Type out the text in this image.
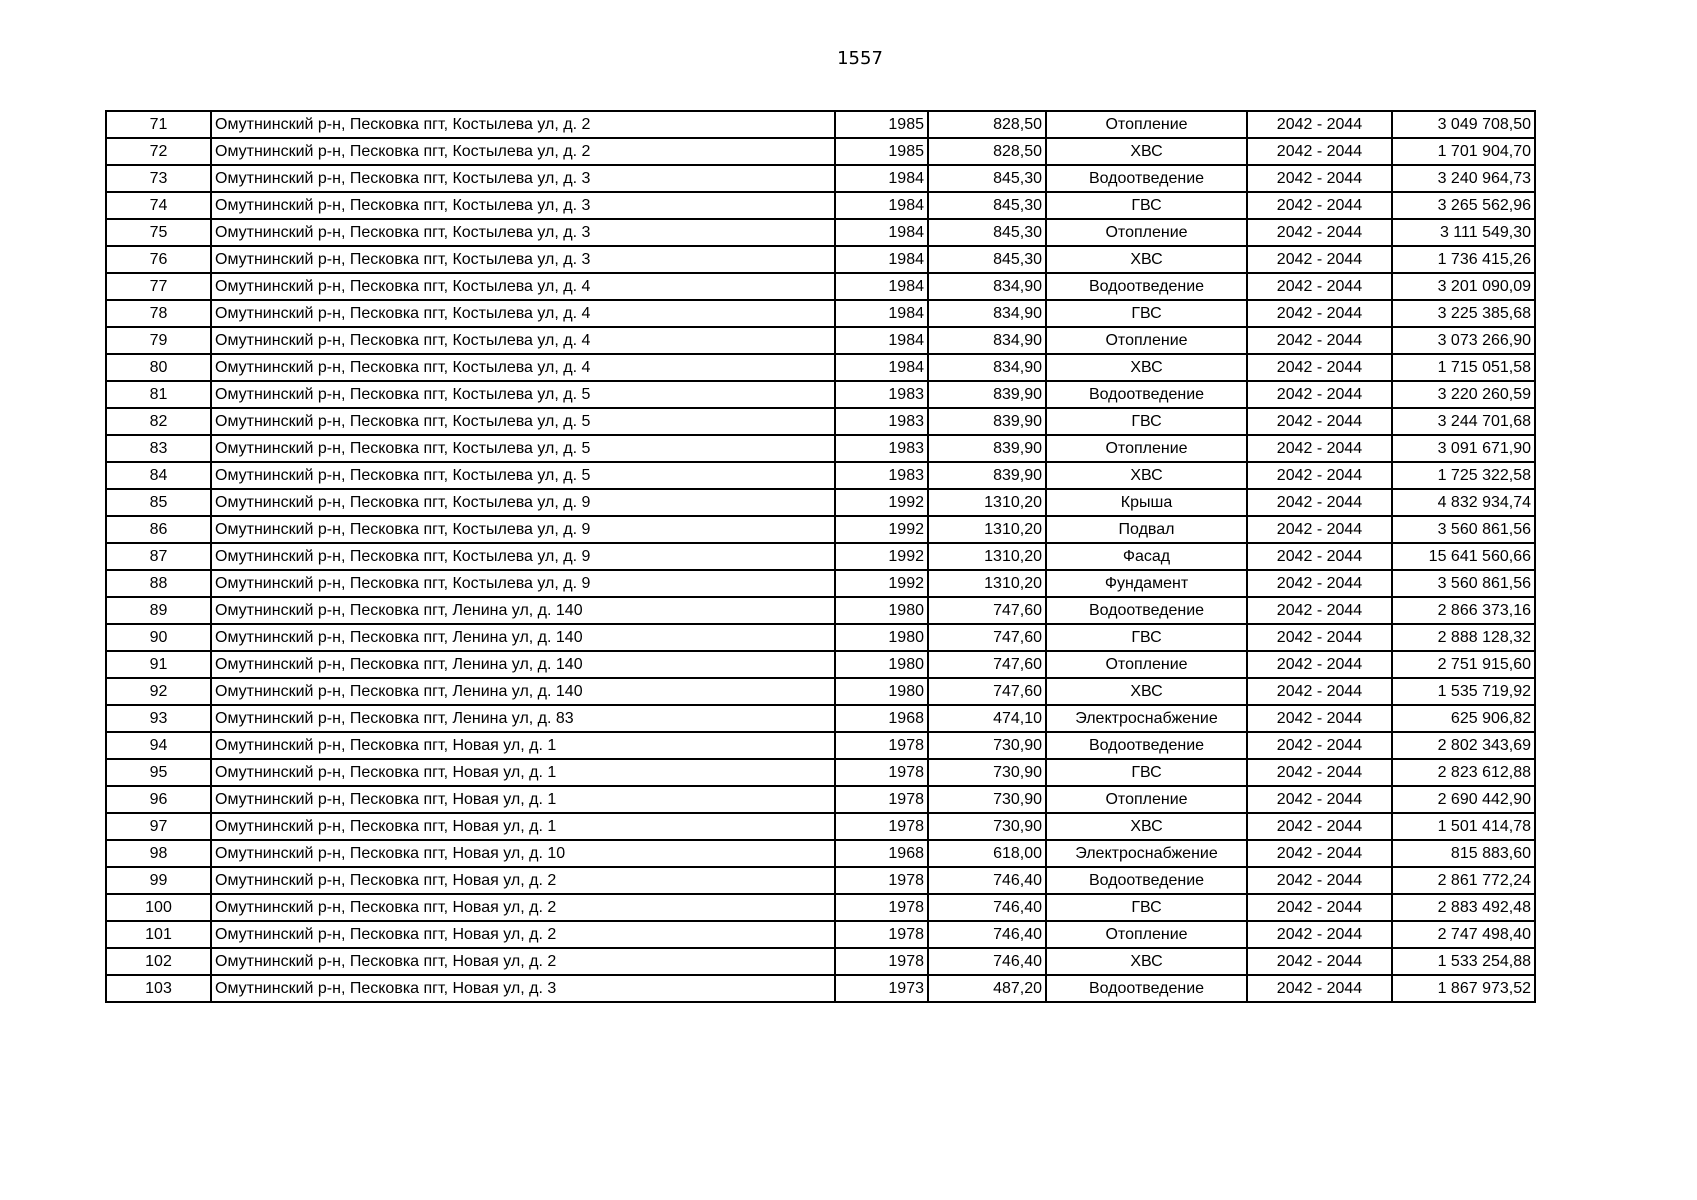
1557
71	Омутнинский р-н, Песковка пгт, Костылева ул, д. 2	1985	828,50	Отопление	2042 - 2044	3 049 708,50
72	Омутнинский р-н, Песковка пгт, Костылева ул, д. 2	1985	828,50	ХВС	2042 - 2044	1 701 904,70
73	Омутнинский р-н, Песковка пгт, Костылева ул, д. 3	1984	845,30	Водоотведение	2042 - 2044	3 240 964,73
74	Омутнинский р-н, Песковка пгт, Костылева ул, д. 3	1984	845,30	ГВС	2042 - 2044	3 265 562,96
75	Омутнинский р-н, Песковка пгт, Костылева ул, д. 3	1984	845,30	Отопление	2042 - 2044	3 111 549,30
76	Омутнинский р-н, Песковка пгт, Костылева ул, д. 3	1984	845,30	ХВС	2042 - 2044	1 736 415,26
77	Омутнинский р-н, Песковка пгт, Костылева ул, д. 4	1984	834,90	Водоотведение	2042 - 2044	3 201 090,09
78	Омутнинский р-н, Песковка пгт, Костылева ул, д. 4	1984	834,90	ГВС	2042 - 2044	3 225 385,68
79	Омутнинский р-н, Песковка пгт, Костылева ул, д. 4	1984	834,90	Отопление	2042 - 2044	3 073 266,90
80	Омутнинский р-н, Песковка пгт, Костылева ул, д. 4	1984	834,90	ХВС	2042 - 2044	1 715 051,58
81	Омутнинский р-н, Песковка пгт, Костылева ул, д. 5	1983	839,90	Водоотведение	2042 - 2044	3 220 260,59
82	Омутнинский р-н, Песковка пгт, Костылева ул, д. 5	1983	839,90	ГВС	2042 - 2044	3 244 701,68
83	Омутнинский р-н, Песковка пгт, Костылева ул, д. 5	1983	839,90	Отопление	2042 - 2044	3 091 671,90
84	Омутнинский р-н, Песковка пгт, Костылева ул, д. 5	1983	839,90	ХВС	2042 - 2044	1 725 322,58
85	Омутнинский р-н, Песковка пгт, Костылева ул, д. 9	1992	1310,20	Крыша	2042 - 2044	4 832 934,74
86	Омутнинский р-н, Песковка пгт, Костылева ул, д. 9	1992	1310,20	Подвал	2042 - 2044	3 560 861,56
87	Омутнинский р-н, Песковка пгт, Костылева ул, д. 9	1992	1310,20	Фасад	2042 - 2044	15 641 560,66
88	Омутнинский р-н, Песковка пгт, Костылева ул, д. 9	1992	1310,20	Фундамент	2042 - 2044	3 560 861,56
89	Омутнинский р-н, Песковка пгт, Ленина ул, д. 140	1980	747,60	Водоотведение	2042 - 2044	2 866 373,16
90	Омутнинский р-н, Песковка пгт, Ленина ул, д. 140	1980	747,60	ГВС	2042 - 2044	2 888 128,32
91	Омутнинский р-н, Песковка пгт, Ленина ул, д. 140	1980	747,60	Отопление	2042 - 2044	2 751 915,60
92	Омутнинский р-н, Песковка пгт, Ленина ул, д. 140	1980	747,60	ХВС	2042 - 2044	1 535 719,92
93	Омутнинский р-н, Песковка пгт, Ленина ул, д. 83	1968	474,10	Электроснабжение	2042 - 2044	625 906,82
94	Омутнинский р-н, Песковка пгт, Новая ул, д. 1	1978	730,90	Водоотведение	2042 - 2044	2 802 343,69
95	Омутнинский р-н, Песковка пгт, Новая ул, д. 1	1978	730,90	ГВС	2042 - 2044	2 823 612,88
96	Омутнинский р-н, Песковка пгт, Новая ул, д. 1	1978	730,90	Отопление	2042 - 2044	2 690 442,90
97	Омутнинский р-н, Песковка пгт, Новая ул, д. 1	1978	730,90	ХВС	2042 - 2044	1 501 414,78
98	Омутнинский р-н, Песковка пгт, Новая ул, д. 10	1968	618,00	Электроснабжение	2042 - 2044	815 883,60
99	Омутнинский р-н, Песковка пгт, Новая ул, д. 2	1978	746,40	Водоотведение	2042 - 2044	2 861 772,24
100	Омутнинский р-н, Песковка пгт, Новая ул, д. 2	1978	746,40	ГВС	2042 - 2044	2 883 492,48
101	Омутнинский р-н, Песковка пгт, Новая ул, д. 2	1978	746,40	Отопление	2042 - 2044	2 747 498,40
102	Омутнинский р-н, Песковка пгт, Новая ул, д. 2	1978	746,40	ХВС	2042 - 2044	1 533 254,88
103	Омутнинский р-н, Песковка пгт, Новая ул, д. 3	1973	487,20	Водоотведение	2042 - 2044	1 867 973,52
